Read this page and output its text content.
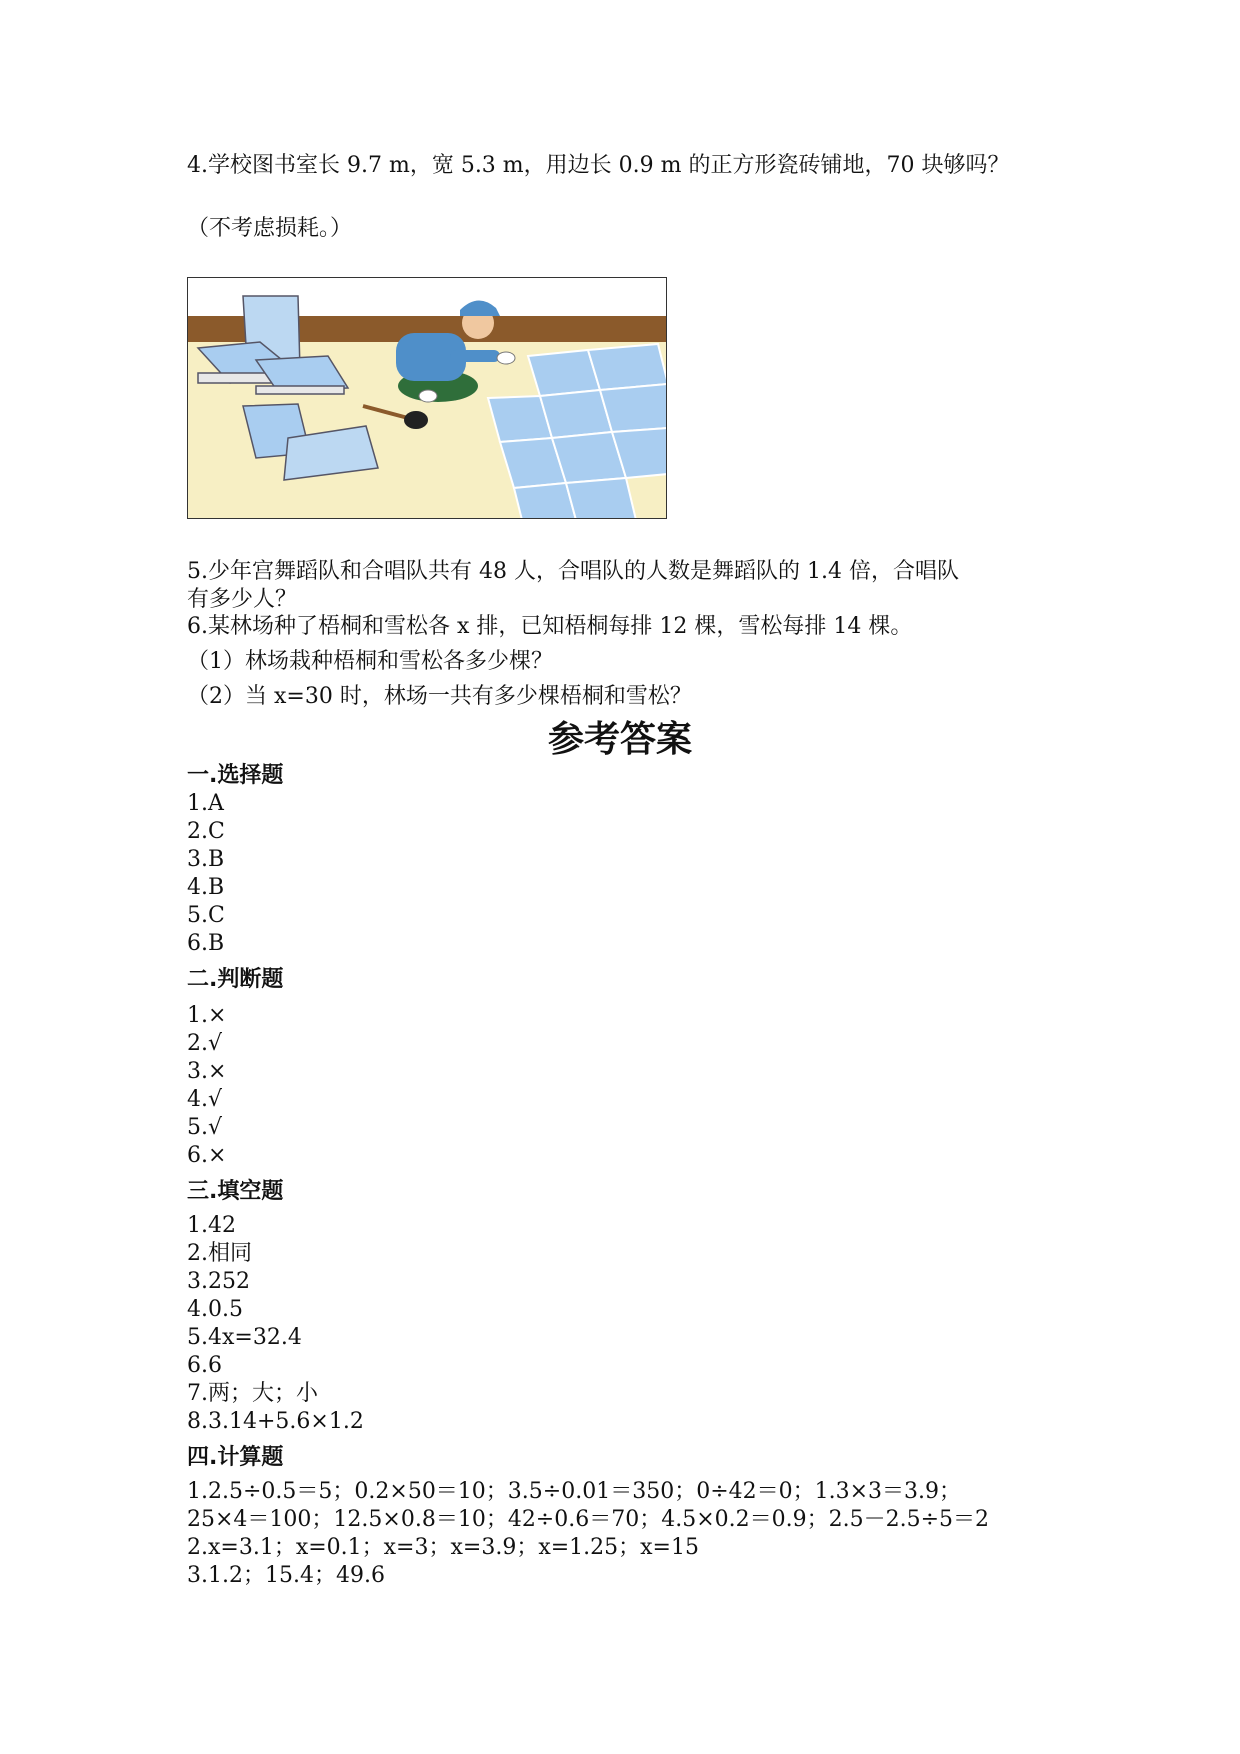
4.学校图书室长 9.7 m，宽 5.3 m，用边长 0.9 m 的正方形瓷砖铺地，70 块够吗？
（不考虑损耗。）
5.少年宫舞蹈队和合唱队共有 48 人，合唱队的人数是舞蹈队的 1.4 倍，合唱队
有多少人？
6.某林场种了梧桐和雪松各 x 排，已知梧桐每排 12 棵，雪松每排 14 棵。
（1）林场栽种梧桐和雪松各多少棵？
（2）当 x=30 时，林场一共有多少棵梧桐和雪松？
参考答案
一.选择题
1.A
2.C
3.B
4.B
5.C
6.B
二.判断题
1.×
2.√
3.×
4.√
5.√
6.×
三.填空题
1.42
2.相同
3.252
4.0.5
5.4x=32.4
6.6
7.两；大；小
8.3.14+5.6×1.2
四.计算题
1.2.5÷0.5＝5；0.2×50＝10；3.5÷0.01＝350；0÷42＝0；1.3×3＝3.9；
25×4＝100；12.5×0.8＝10；42÷0.6＝70；4.5×0.2＝0.9；2.5－2.5÷5＝2
2.x=3.1；x=0.1；x=3；x=3.9；x=1.25；x=15
3.1.2；15.4；49.6
